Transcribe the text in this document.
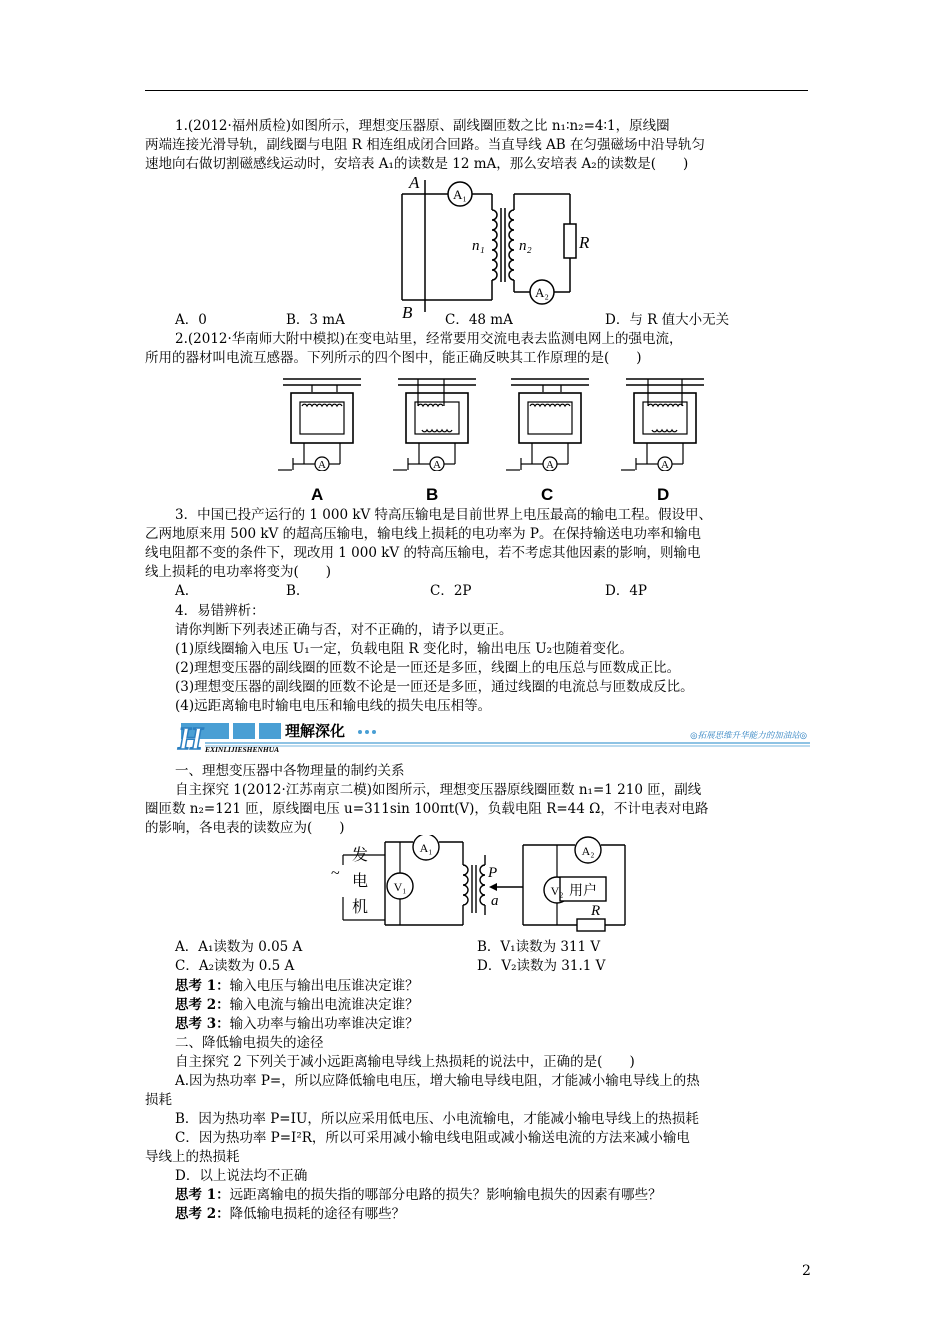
1.(2012·福州质检)如图所示，理想变压器原、副线圈匝数之比 n₁∶n₂=4∶1，原线圈
两端连接光滑导轨，副线圈与电阻 R 相连组成闭合回路。当直导线 AB 在匀强磁场中沿导轨匀
速地向右做切割磁感线运动时，安培表 A₁的读数是 12 mA，那么安培表 A₂的读数是(　　)
A
B
A₁
A₂
n₁ n₂	R
A．0	B．3 mA	C．48 mA	D．与 R 值大小无关
2.(2012·华南师大附中模拟)在变电站里，经常要用交流电表去监测电网上的强电流，
所用的器材叫电流互感器。下列所示的四个图中，能正确反映其工作原理的是(　　)
A	A	A	A
A	B	C	D
3．中国已投产运行的 1 000 kV 特高压输电是目前世界上电压最高的输电工程。假设甲、
乙两地原来用 500 kV 的超高压输电，输电线上损耗的电功率为 P。在保持输送电功率和输电
线电阻都不变的条件下，现改用 1 000 kV 的特高压输电，若不考虑其他因素的影响，则输电
线上损耗的电功率将变为(　　)
A.	B.	C．2P	D．4P
4．易错辨析：
请你判断下列表述正确与否，对不正确的，请予以更正。
(1)原线圈输入电压 U₁一定，负载电阻 R 变化时，输出电压 U₂也随着变化。
(2)理想变压器的副线圈的匝数不论是一匝还是多匝，线圈上的电压总与匝数成正比。
(3)理想变压器的副线圈的匝数不论是一匝还是多匝，通过线圈的电流总与匝数成反比。
(4)远距离输电时输电电压和输电线的损失电压相等。
H	理解深化
EXINLIJIESHENHUA
◎拓展思维升华能力的加油站◎
一、理想变压器中各物理量的制约关系
自主探究 1(2012·江苏南京二模)如图所示，理想变压器原线圈匝数 n₁=1 210 匝，副线
圈匝数 n₂=121 匝，原线圈电压 u=311sin 100πt(V)，负载电阻 R=44 Ω，不计电表对电路
的影响，各电表的读数应为(　　)
发
~ 电
机
P
a
用户
R
A₁	A₂
V₁	V₂
A．A₁读数为 0.05 A	B．V₁读数为 311 V
C．A₂读数为 0.5 A	D．V₂读数为 31.1 V
思考 1：输入电压与输出电压谁决定谁？
思考 2：输入电流与输出电流谁决定谁？
思考 3：输入功率与输出功率谁决定谁？
二、降低输电损失的途径
自主探究 2 下列关于减小远距离输电导线上热损耗的说法中，正确的是(　　)
A.因为热功率 P=，所以应降低输电电压，增大输电导线电阻，才能减小输电导线上的热
损耗
B．因为热功率 P=IU，所以应采用低电压、小电流输电，才能减小输电导线上的热损耗
C．因为热功率 P=I²R，所以可采用减小输电线电阻或减小输送电流的方法来减小输电
导线上的热损耗
D．以上说法均不正确
思考 1：远距离输电的损失指的哪部分电路的损失？影响输电损失的因素有哪些？
思考 2：降低输电损耗的途径有哪些？
2
